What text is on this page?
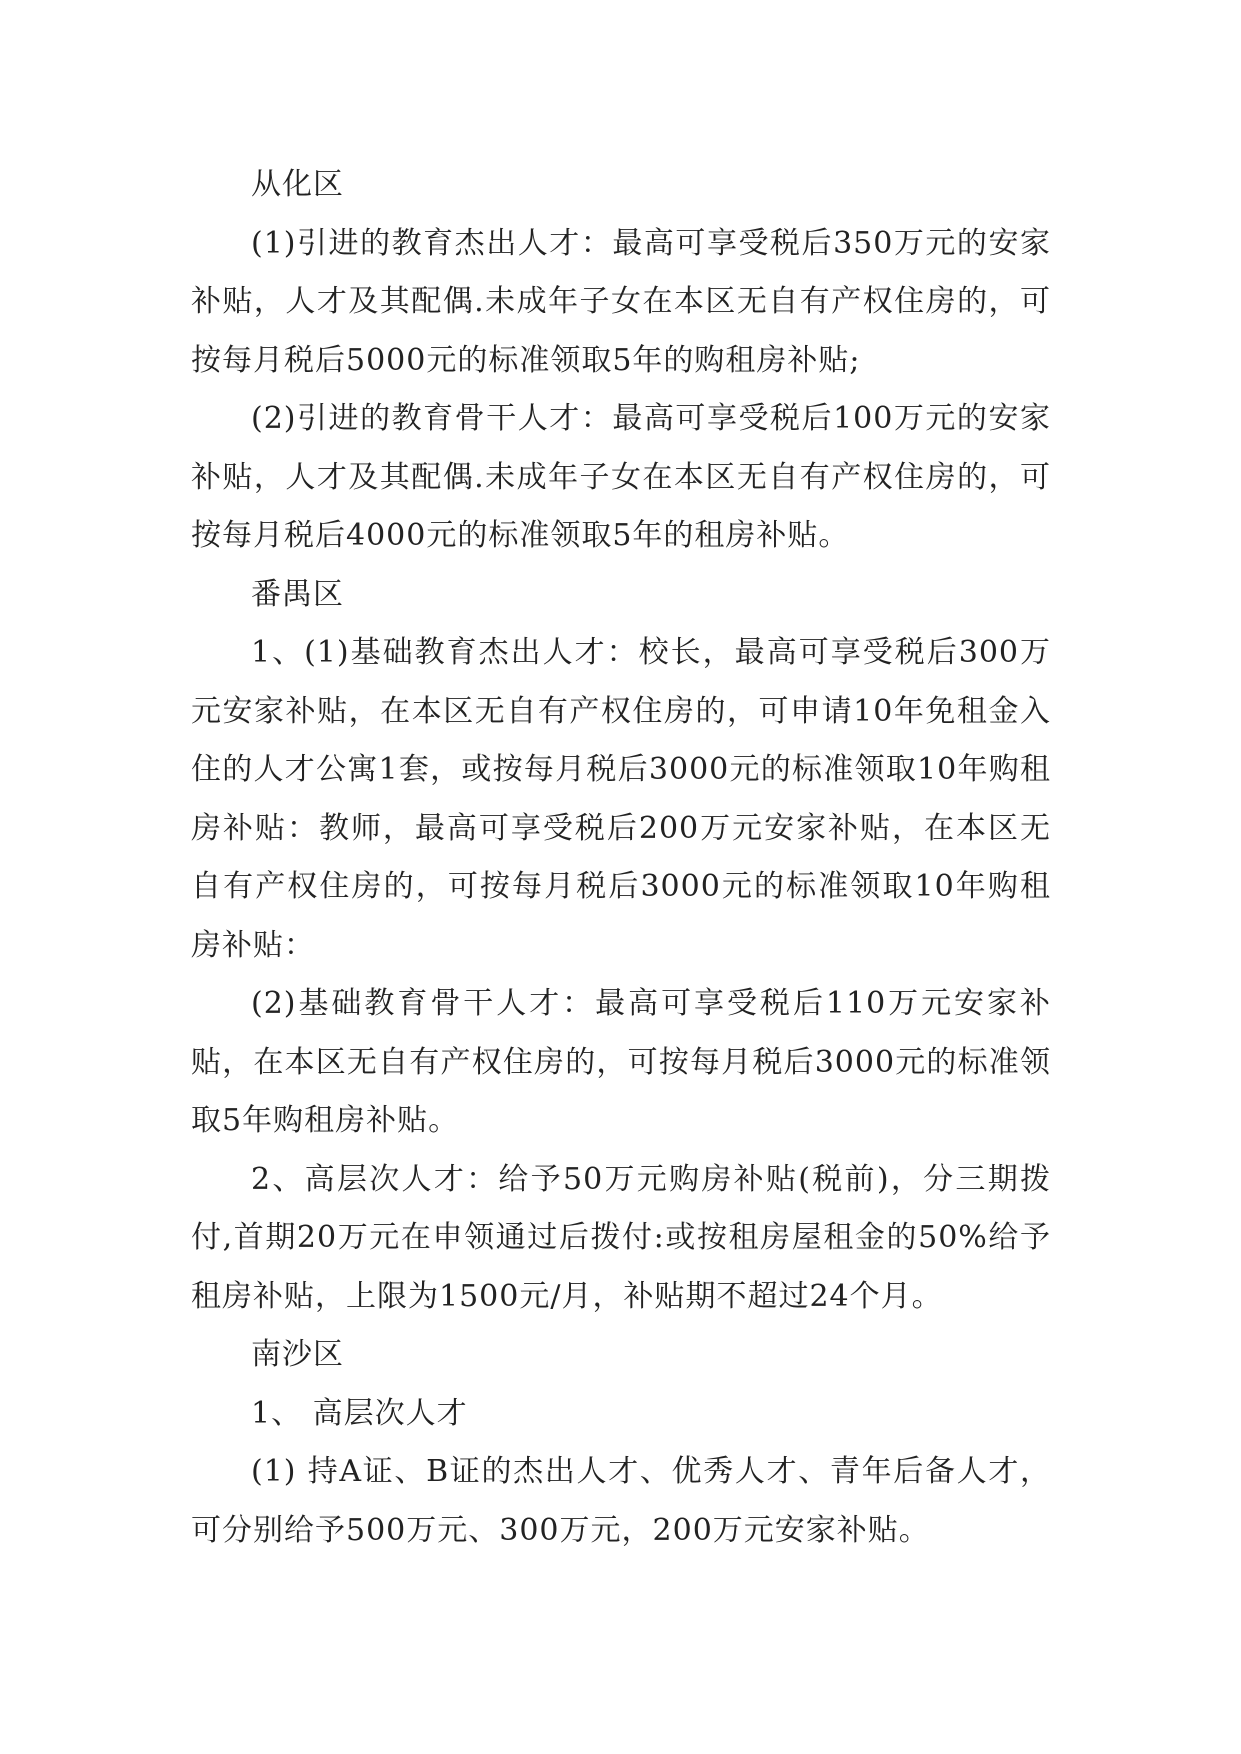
从化区

(1)引进的教育杰出人才：最高可享受税后350万元的安家补贴，人才及其配偶.未成年子女在本区无自有产权住房的，可按每月税后5000元的标准领取5年的购租房补贴;

(2)引进的教育骨干人才：最高可享受税后100万元的安家补贴，人才及其配偶.未成年子女在本区无自有产权住房的，可按每月税后4000元的标准领取5年的租房补贴。

番禺区

1、(1)基础教育杰出人才：校长，最高可享受税后300万元安家补贴，在本区无自有产权住房的，可申请10年免租金入住的人才公寓1套，或按每月税后3000元的标准领取10年购租房补贴：教师，最高可享受税后200万元安家补贴，在本区无自有产权住房的，可按每月税后3000元的标准领取10年购租房补贴：

(2)基础教育骨干人才：最高可享受税后110万元安家补贴，在本区无自有产权住房的，可按每月税后3000元的标准领取5年购租房补贴。

2、高层次人才：给予50万元购房补贴(税前)，分三期拨付,首期20万元在申领通过后拨付:或按租房屋租金的50%给予租房补贴，上限为1500元/月，补贴期不超过24个月。

南沙区

1、 高层次人才

(1) 持A证、B证的杰出人才、优秀人才、青年后备人才，可分别给予500万元、300万元，200万元安家补贴。
